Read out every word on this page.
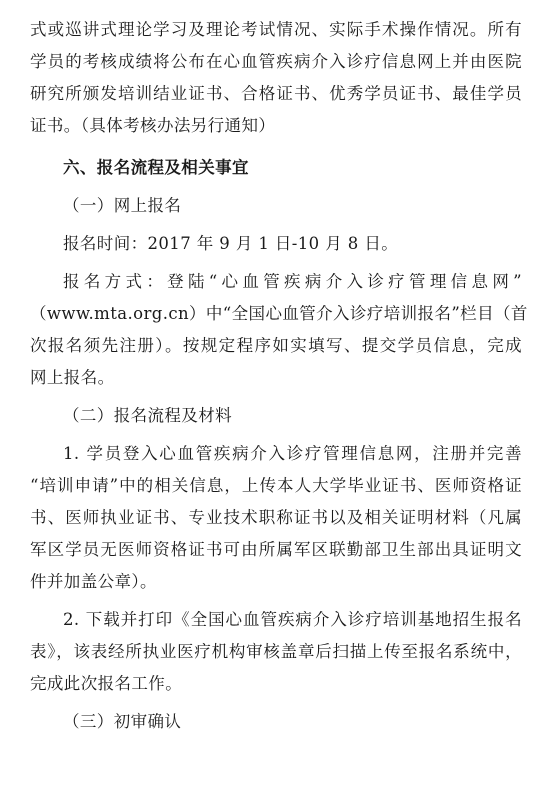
式或巡讲式理论学习及理论考试情况、实际手术操作情况。所有
学员的考核成绩将公布在心血管疾病介入诊疗信息网上并由医院
研究所颁发培训结业证书、合格证书、优秀学员证书、最佳学员
证书。（具体考核办法另行通知）
六、报名流程及相关事宜
（一）网上报名
报名时间：2017 年 9 月 1 日-10 月 8 日。
报名方式：登陆“心血管疾病介入诊疗管理信息网”
（www.mta.org.cn）中“全国心血管介入诊疗培训报名”栏目（首
次报名须先注册）。按规定程序如实填写、提交学员信息，完成
网上报名。
（二）报名流程及材料
1. 学员登入心血管疾病介入诊疗管理信息网，注册并完善
“培训申请”中的相关信息，上传本人大学毕业证书、医师资格证
书、医师执业证书、专业技术职称证书以及相关证明材料（凡属
军区学员无医师资格证书可由所属军区联勤部卫生部出具证明文
件并加盖公章）。
2. 下载并打印《全国心血管疾病介入诊疗培训基地招生报名
表》，该表经所执业医疗机构审核盖章后扫描上传至报名系统中，
完成此次报名工作。
（三）初审确认
